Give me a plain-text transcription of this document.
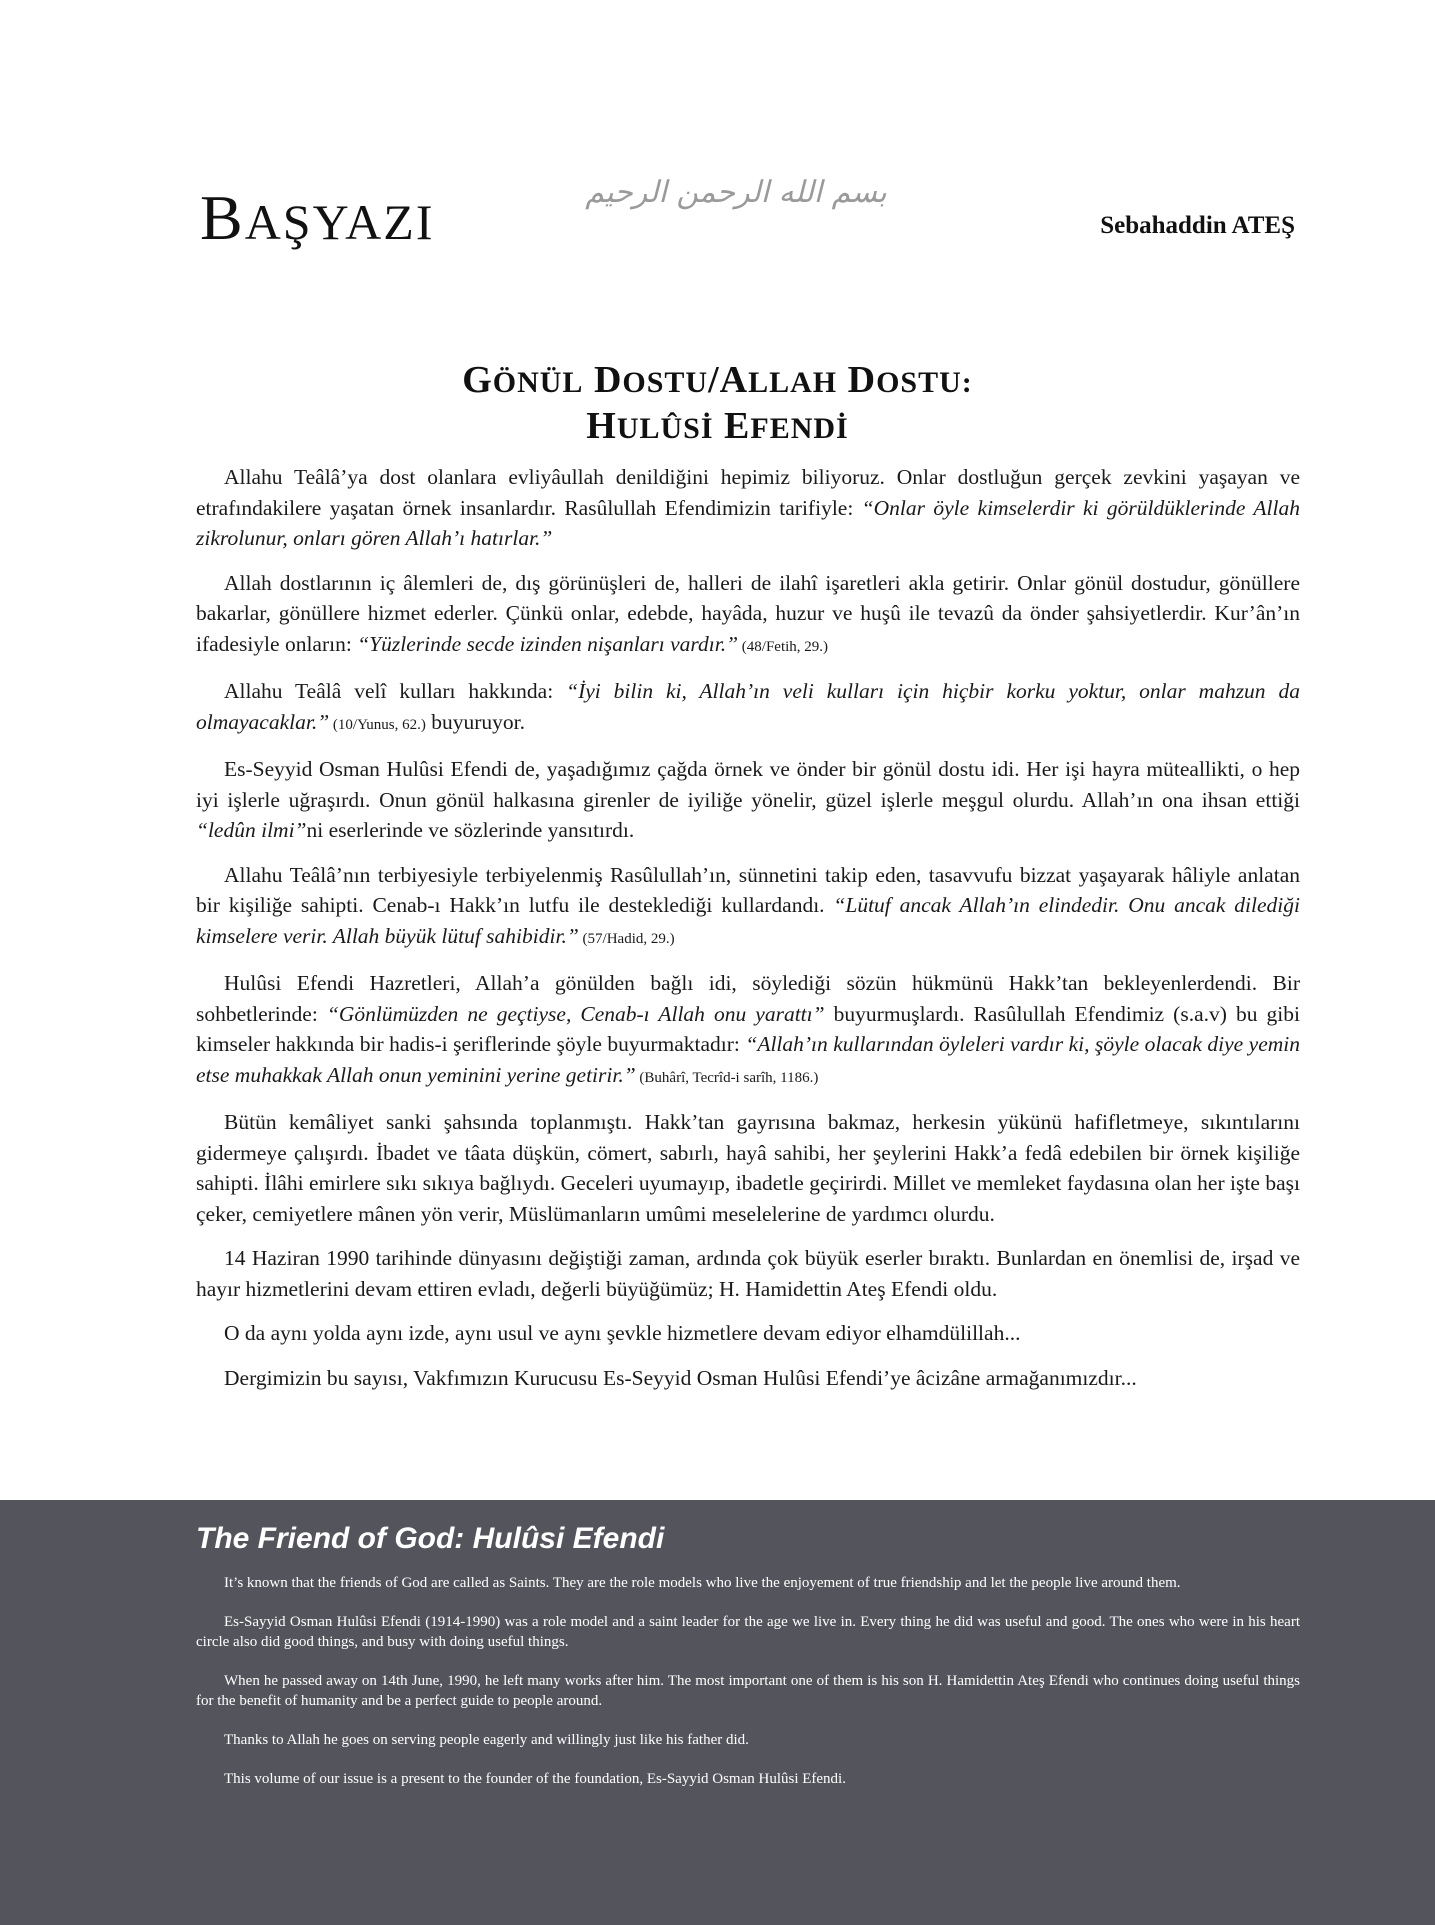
BAŞYAZI
بسم الله الرحمن الرحيم
Sebahaddin ATEŞ
GÖNÜL DOSTU/ALLAH DOSTU:
HULÛSİ EFENDİ

Allahu Teâlâ’ya dost olanlara evliyâullah denildiğini hepimiz biliyoruz. Onlar dostluğun gerçek zevkini yaşayan ve etrafındakilere yaşatan örnek insanlardır. Rasûlullah Efendimizin tarifiyle: “Onlar öyle kimselerdir ki görüldüklerinde Allah zikrolunur, onları gören Allah’ı hatırlar.”

Allah dostlarının iç âlemleri de, dış görünüşleri de, halleri de ilahî işaretleri akla getirir. Onlar gönül dostudur, gönüllere bakarlar, gönüllere hizmet ederler. Çünkü onlar, edebde, hayâda, huzur ve huşû ile tevazû da önder şahsiyetlerdir. Kur’ân’ın ifadesiyle onların: “Yüzlerinde secde izinden nişanları vardır.” (48/Fetih, 29.)

Allahu Teâlâ velî kulları hakkında: “İyi bilin ki, Allah’ın veli kulları için hiçbir korku yoktur, onlar mahzun da olmayacaklar.” (10/Yunus, 62.) buyuruyor.

Es-Seyyid Osman Hulûsi Efendi de, yaşadığımız çağda örnek ve önder bir gönül dostu idi. Her işi hayra müteallikti, o hep iyi işlerle uğraşırdı. Onun gönül halkasına girenler de iyiliğe yönelir, güzel işlerle meşgul olurdu. Allah’ın ona ihsan ettiği “ledûn ilmi”ni eserlerinde ve sözlerinde yansıtırdı.

Allahu Teâlâ’nın terbiyesiyle terbiyelenmiş Rasûlullah’ın, sünnetini takip eden, tasavvufu bizzat yaşayarak hâliyle anlatan bir kişiliğe sahipti. Cenab-ı Hakk’ın lutfu ile desteklediği kullardandı. “Lütuf ancak Allah’ın elindedir. Onu ancak dilediği kimselere verir. Allah büyük lütuf sahibidir.” (57/Hadid, 29.)

Hulûsi Efendi Hazretleri, Allah’a gönülden bağlı idi, söylediği sözün hükmünü Hakk’tan bekleyenlerdendi. Bir sohbetlerinde: “Gönlümüzden ne geçtiyse, Cenab-ı Allah onu yarattı” buyurmuşlardı. Rasûlullah Efendimiz (s.a.v) bu gibi kimseler hakkında bir hadis-i şeriflerinde şöyle buyurmaktadır: “Allah’ın kullarından öyleleri vardır ki, şöyle olacak diye yemin etse muhakkak Allah onun yeminini yerine getirir.” (Buhârî, Tecrîd-i sarîh, 1186.)

Bütün kemâliyet sanki şahsında toplanmıştı. Hakk’tan gayrısına bakmaz, herkesin yükünü hafifletmeye, sıkıntılarını gidermeye çalışırdı. İbadet ve tâata düşkün, cömert, sabırlı, hayâ sahibi, her şeylerini Hakk’a fedâ edebilen bir örnek kişiliğe sahipti. İlâhi emirlere sıkı sıkıya bağlıydı. Geceleri uyumayıp, ibadetle geçirirdi. Millet ve memleket faydasına olan her işte başı çeker, cemiyetlere mânen yön verir, Müslümanların umûmi meselelerine de yardımcı olurdu.

14 Haziran 1990 tarihinde dünyasını değiştiği zaman, ardında çok büyük eserler bıraktı. Bunlardan en önemlisi de, irşad ve hayır hizmetlerini devam ettiren evladı, değerli büyüğümüz; H. Hamidettin Ateş Efendi oldu.

O da aynı yolda aynı izde, aynı usul ve aynı şevkle hizmetlere devam ediyor elhamdülillah...

Dergimizin bu sayısı, Vakfımızın Kurucusu Es-Seyyid Osman Hulûsi Efendi’ye âcizâne armağanımızdır...

The Friend of God: Hulûsi Efendi

It’s known that the friends of God are called as Saints. They are the role models who live the enjoyement of true friendship and let the people live around them.

Es-Sayyid Osman Hulûsi Efendi (1914-1990) was a role model and a saint leader for the age we live in. Every thing he did was useful and good. The ones who were in his heart circle also did good things, and busy with doing useful things.

When he passed away on 14th June, 1990, he left many works after him. The most important one of them is his son H. Hamidettin Ateş Efendi who continues doing useful things for the benefit of humanity and be a perfect guide to people around.

Thanks to Allah he goes on serving people eagerly and willingly just like his father did.

This volume of our issue is a present to the founder of the foundation, Es-Sayyid Osman Hulûsi Efendi.
